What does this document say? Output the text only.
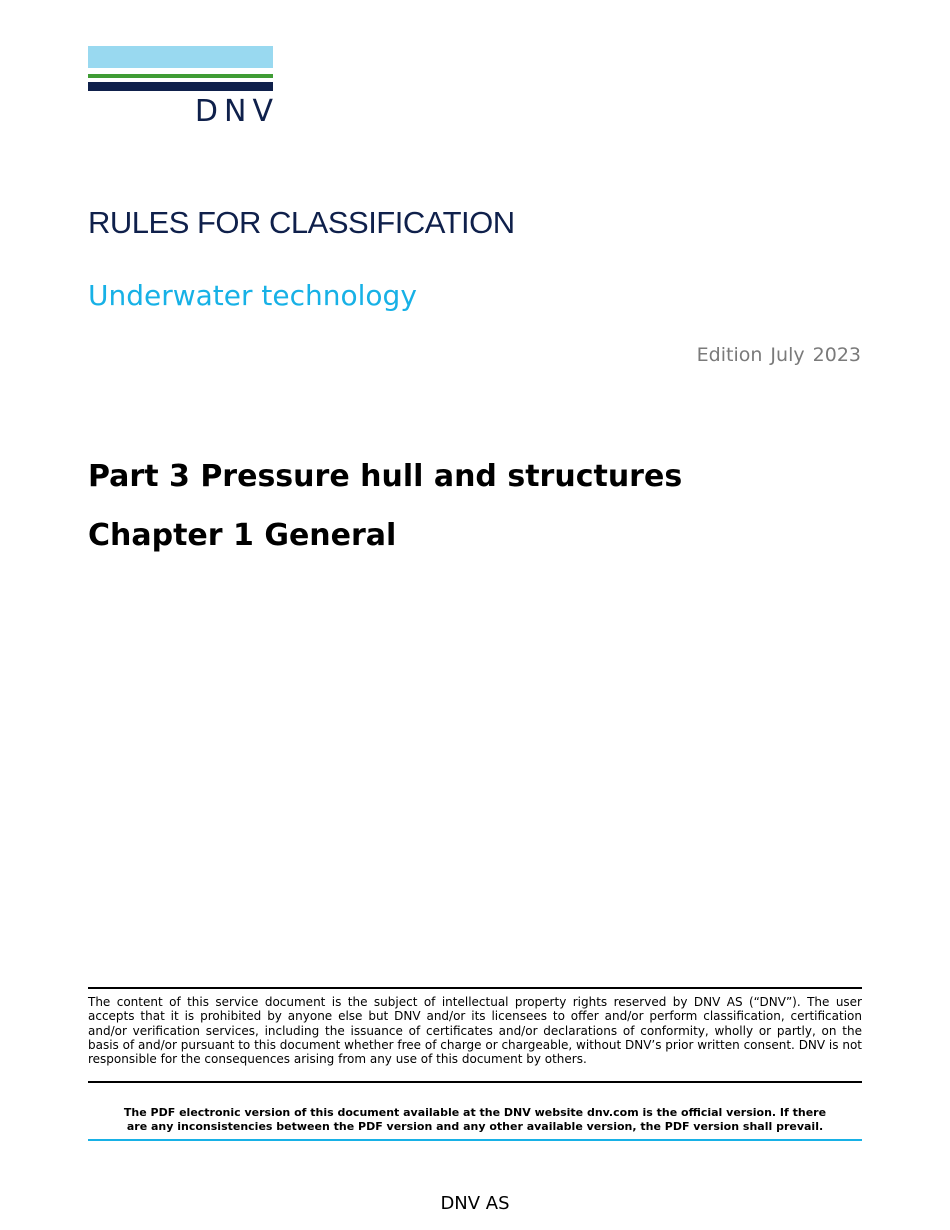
DNV
RULES FOR CLASSIFICATION
Underwater technology
Edition July 2023
Part 3 Pressure hull and structures
Chapter 1 General
The content of this service document is the subject of intellectual property rights reserved by DNV AS (“DNV”). The user accepts that it is prohibited by anyone else but DNV and/or its licensees to offer and/or perform classification, certification and/or verification services, including the issuance of certificates and/or declarations of conformity, wholly or partly, on the basis of and/or pursuant to this document whether free of charge or chargeable, without DNV’s prior written consent. DNV is not responsible for the consequences arising from any use of this document by others.
The PDF electronic version of this document available at the DNV website dnv.com is the official version. If there
are any inconsistencies between the PDF version and any other available version, the PDF version shall prevail.
DNV AS
